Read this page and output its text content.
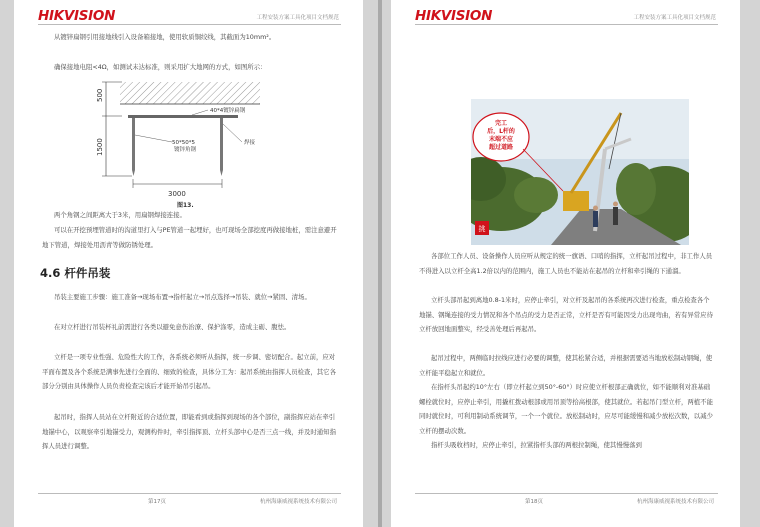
HIKVISION	工程安装方案工具化项目文档规范
从镀锌扁钢引用接地线引入设备箱接地，使用软质铜绞线，其截面为10mm²。
确保接地电阻<4Ω，如测试未达标准，则采用扩大地网的方式，如图所示：
500
40*4镀锌扁钢
50*50*5
镀锌角钢
焊接
1500
3000
图13.
两个角钢之间距离大于3米，用扁钢焊接连接。
可以在开挖预埋管道时的沟道里打入与PE管道一起埋好，也可现场全部挖度再做接地桩，需注意避开地下管道，焊接处用沥青等做防锈处理。
4.6 杆件吊装
吊装主要施工步骤：施工准备→现场布置→指杆起立→吊点选择→吊装、就位→紧固、清场。
在对立杆进行吊装杯礼前需进行各类以避免意伤治潦、保护涤零，造成主砺、腹怯。
立杆是一项专业性强、危险性大的工作，各系统必须听从指挥，统一步调、密切配合。起立前，应对平面布置及各个系统是满事先进行全面的、细致的检查，具体分工为：起吊系统由指挥人员检查，其它各部分分别由具体操作人员负责检查完该后才能开始吊引起吊。
起吊时，指挥人员站在立杆附近的合适位置，即能看到或指挥到现场的各个部位，副指挥应站在牵引地锚中心，以观察牵引地锚受力，观测构件时，牵引指挥顶、立杆头部中心是否三点一线，并及时通知指挥人员进行调整。
第17页	杭州海康威视系统技术有限公司
HIKVISION	工程安装方案工具化项目文档规范
完工
后，L杆的
末端不应
超过道路
挑
各部位工作人员、设备操作人员应听从规定的统一旗语、口哨的指挥，立杆起吊过程中，非工作人员不得进入以立杆全高1.2倍以内的范围内，施工人员也不能站在起吊的立杆和牵引绳的下通溜。
立杆头部吊起到离地0.8-1米时，应停止牵引，对立杆及起吊的各系统再次进行检查，重点检查各个地锚、钢绳连接的受力情况和各个吊点的受力是否正常，立杆是否有可能因受力出现弯曲，若有异常应待立杆放回地面整实，经受善处理后再起吊。
起吊过程中，两侧临时拉线应进行必要的调整，使其松紧合适，并根据需要适当地放松制动钢绳，使立杆能平稳起立和就位。
在指杆头吊起约10°左右（即立杆起立到50°-60°）时应使立杆根部正确就位，如不能顺利对准基础螺栓就位时，应停止牵引，用撬杠拨动根部或用吊顶等拾高根部，使其就位。若起吊门型立杆，两植不能同时就位时，可利用制动系统调节，一个一个就位。放松制动时，应尽可能缓慢和减少放松次数，以减少立杆的摆动次数。
指杆头吸收档时，应停止牵引，拉紧指杆头部的两根拉制绳，使其慢慢落到
第18页	杭州海康威视系统技术有限公司
